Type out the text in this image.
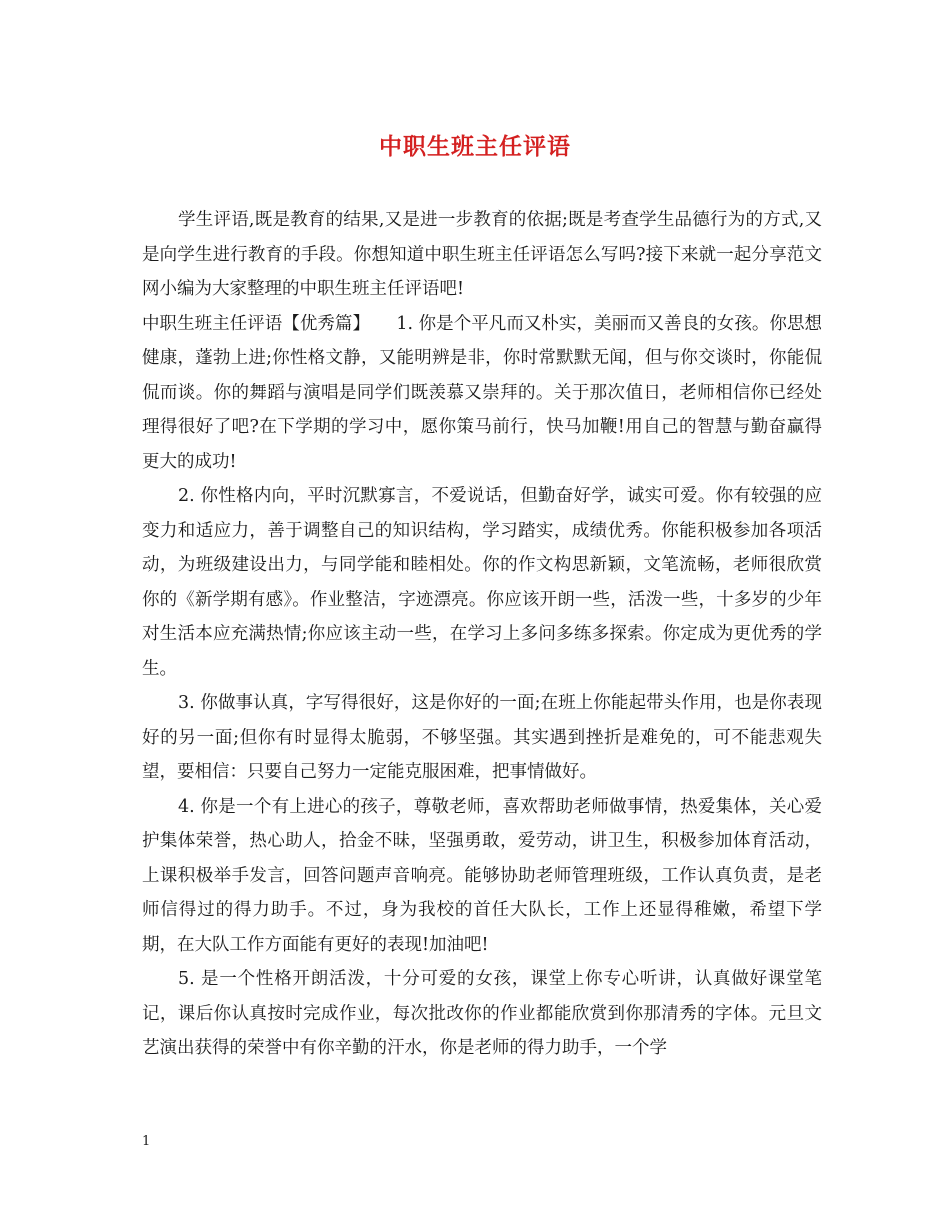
中职生班主任评语

学生评语,既是教育的结果,又是进一步教育的依据;既是考查学生品德行为的方式,又是向学生进行教育的手段。你想知道中职生班主任评语怎么写吗?接下来就一起分享范文网小编为大家整理的中职生班主任评语吧!

中职生班主任评语【优秀篇】　　1. 你是个平凡而又朴实，美丽而又善良的女孩。你思想健康，蓬勃上进;你性格文静，又能明辨是非，你时常默默无闻，但与你交谈时，你能侃侃而谈。你的舞蹈与演唱是同学们既羡慕又崇拜的。关于那次值日，老师相信你已经处理得很好了吧?在下学期的学习中，愿你策马前行，快马加鞭!用自己的智慧与勤奋赢得更大的成功!

2. 你性格内向，平时沉默寡言，不爱说话，但勤奋好学，诚实可爱。你有较强的应变力和适应力，善于调整自己的知识结构，学习踏实，成绩优秀。你能积极参加各项活动，为班级建设出力，与同学能和睦相处。你的作文构思新颖，文笔流畅，老师很欣赏你的《新学期有感》。作业整洁，字迹漂亮。你应该开朗一些，活泼一些，十多岁的少年对生活本应充满热情;你应该主动一些，在学习上多问多练多探索。你定成为更优秀的学生。

3. 你做事认真，字写得很好，这是你好的一面;在班上你能起带头作用，也是你表现好的另一面;但你有时显得太脆弱，不够坚强。其实遇到挫折是难免的，可不能悲观失望，要相信：只要自己努力一定能克服困难，把事情做好。

4. 你是一个有上进心的孩子，尊敬老师，喜欢帮助老师做事情，热爱集体，关心爱护集体荣誉，热心助人，拾金不昧，坚强勇敢，爱劳动，讲卫生，积极参加体育活动，上课积极举手发言，回答问题声音响亮。能够协助老师管理班级，工作认真负责，是老师信得过的得力助手。不过，身为我校的首任大队长，工作上还显得稚嫩，希望下学期，在大队工作方面能有更好的表现!加油吧!

5. 是一个性格开朗活泼，十分可爱的女孩，课堂上你专心听讲，认真做好课堂笔记，课后你认真按时完成作业，每次批改你的作业都能欣赏到你那清秀的字体。元旦文艺演出获得的荣誉中有你辛勤的汗水，你是老师的得力助手，一个学

1
